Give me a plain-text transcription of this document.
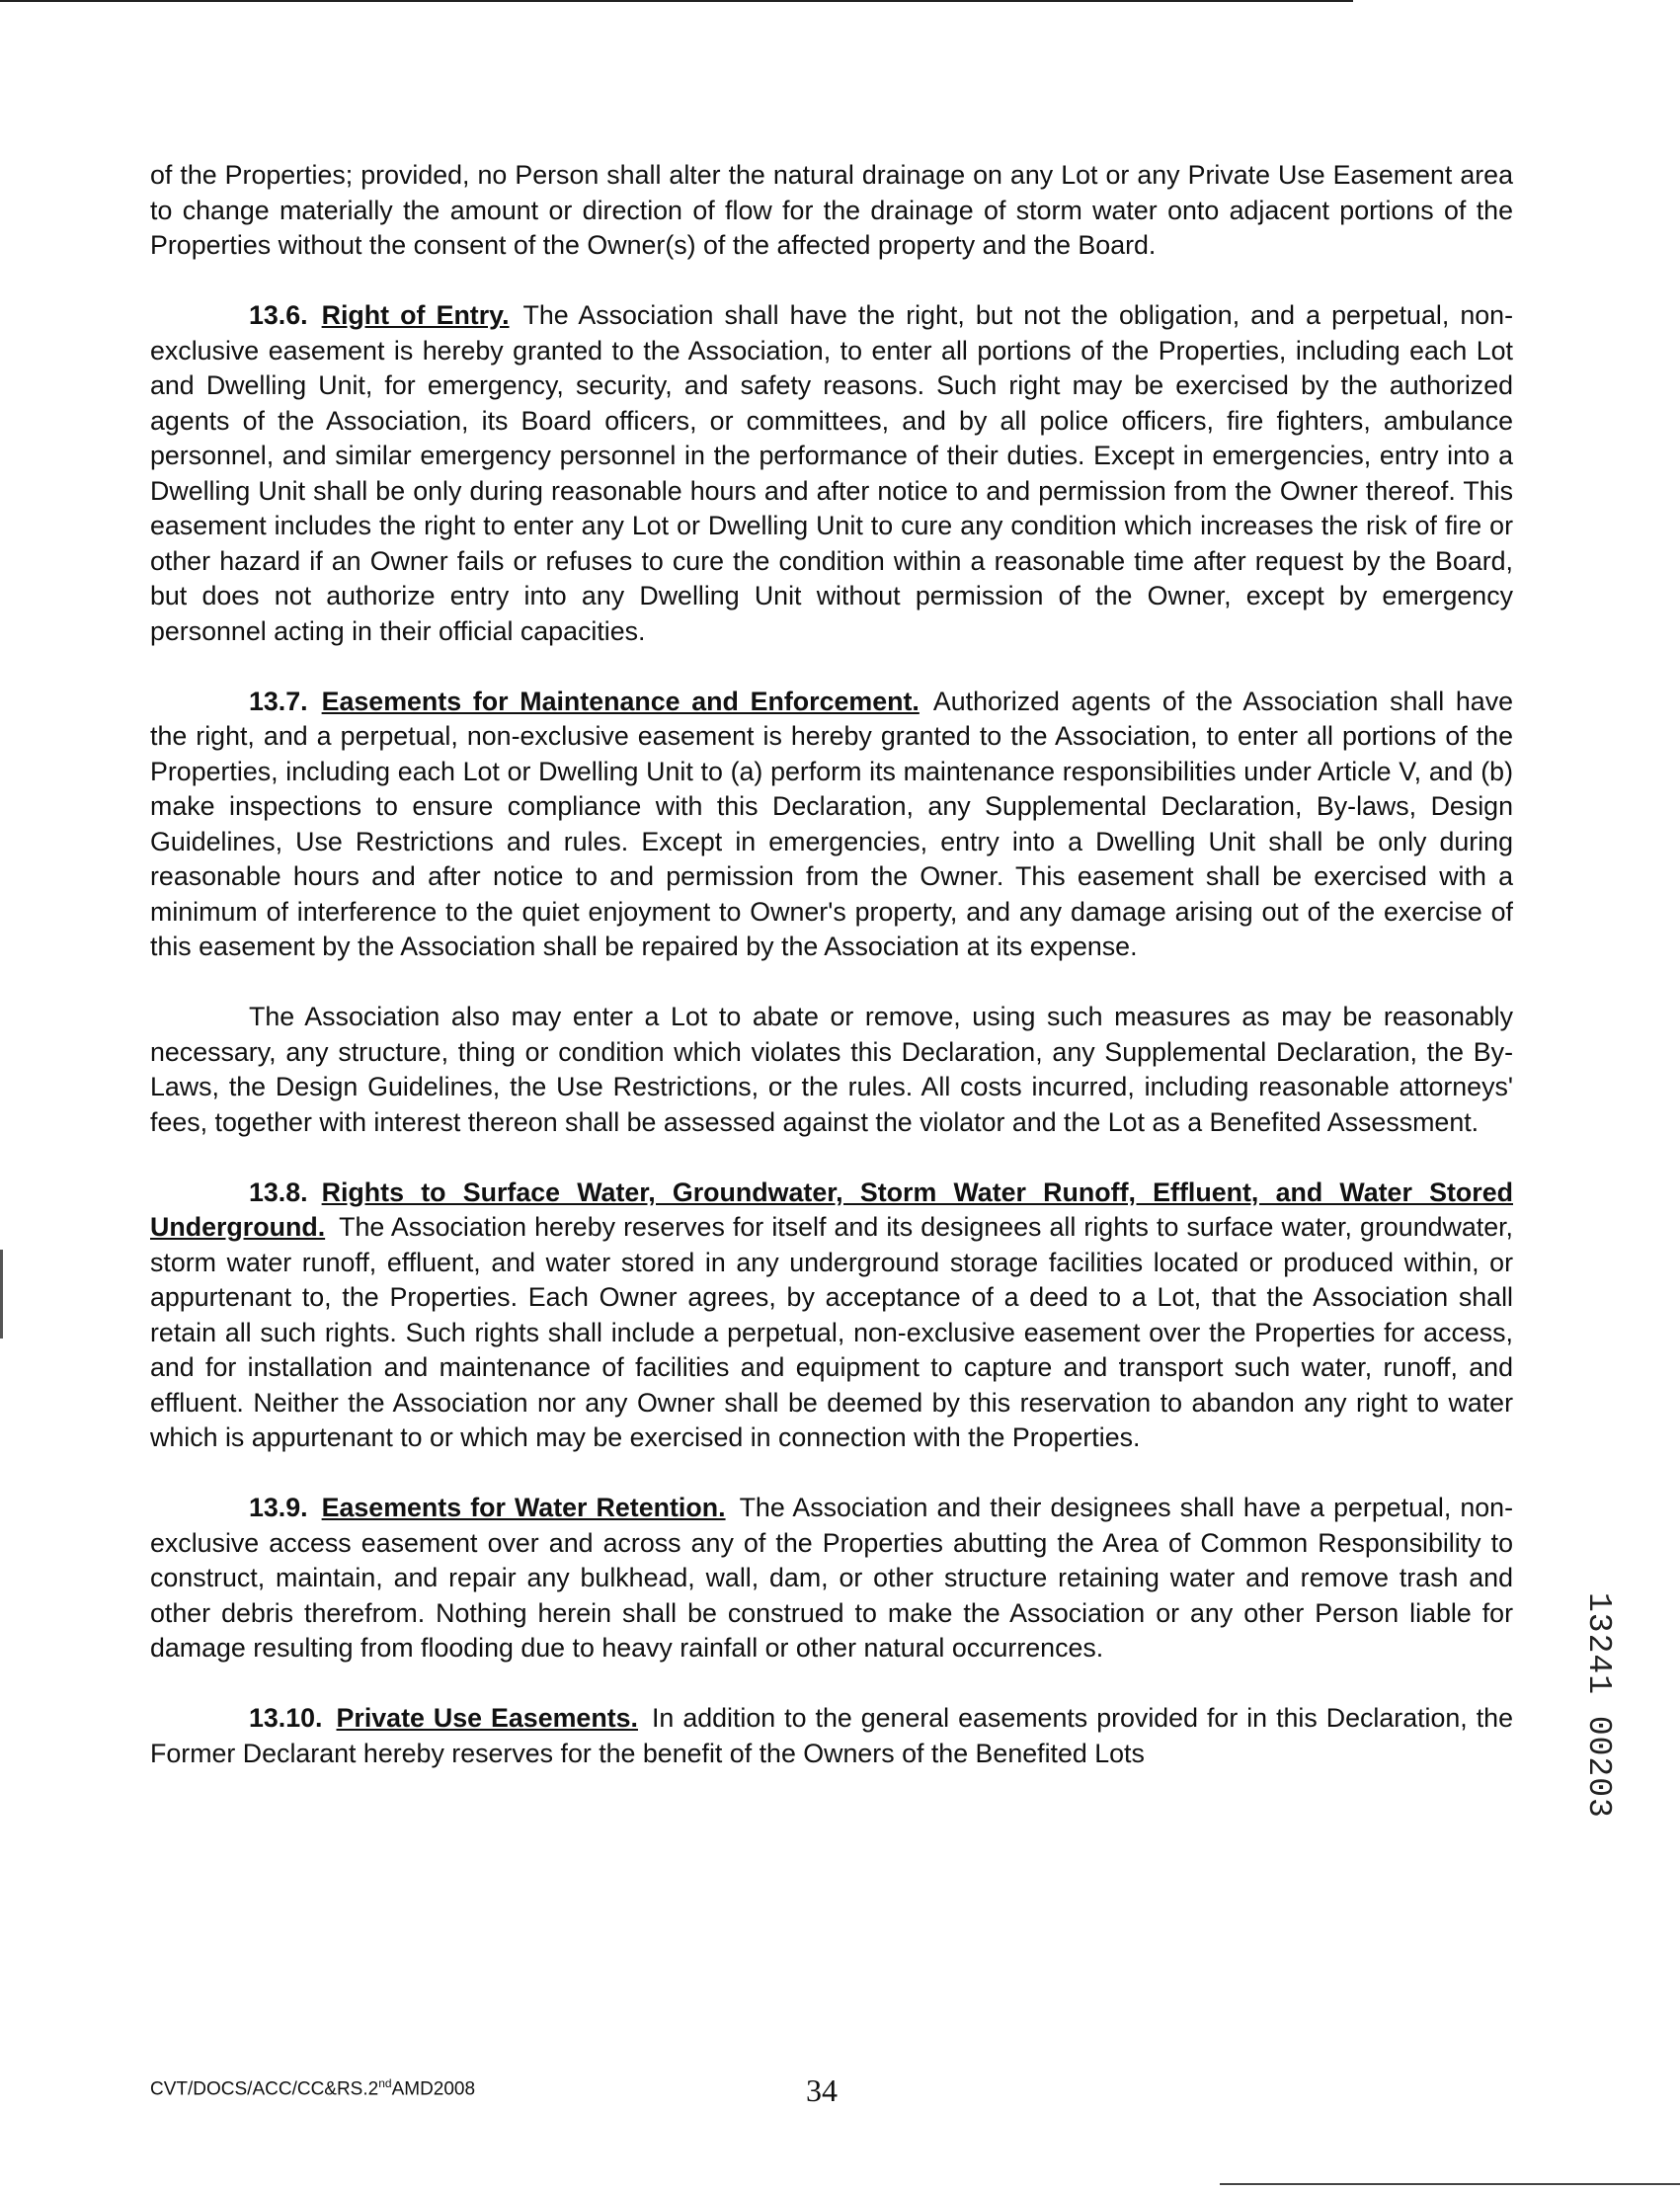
of the Properties; provided, no Person shall alter the natural drainage on any Lot or any Private Use Easement area to change materially the amount or direction of flow for the drainage of storm water onto adjacent portions of the Properties without the consent of the Owner(s) of the affected property and the Board.

13.6. Right of Entry. The Association shall have the right, but not the obligation, and a perpetual, non-exclusive easement is hereby granted to the Association, to enter all portions of the Properties, including each Lot and Dwelling Unit, for emergency, security, and safety reasons. Such right may be exercised by the authorized agents of the Association, its Board officers, or committees, and by all police officers, fire fighters, ambulance personnel, and similar emergency personnel in the performance of their duties. Except in emergencies, entry into a Dwelling Unit shall be only during reasonable hours and after notice to and permission from the Owner thereof. This easement includes the right to enter any Lot or Dwelling Unit to cure any condition which increases the risk of fire or other hazard if an Owner fails or refuses to cure the condition within a reasonable time after request by the Board, but does not authorize entry into any Dwelling Unit without permission of the Owner, except by emergency personnel acting in their official capacities.

13.7. Easements for Maintenance and Enforcement. Authorized agents of the Association shall have the right, and a perpetual, non-exclusive easement is hereby granted to the Association, to enter all portions of the Properties, including each Lot or Dwelling Unit to (a) perform its maintenance responsibilities under Article V, and (b) make inspections to ensure compliance with this Declaration, any Supplemental Declaration, By-laws, Design Guidelines, Use Restrictions and rules. Except in emergencies, entry into a Dwelling Unit shall be only during reasonable hours and after notice to and permission from the Owner. This easement shall be exercised with a minimum of interference to the quiet enjoyment to Owner's property, and any damage arising out of the exercise of this easement by the Association shall be repaired by the Association at its expense.

The Association also may enter a Lot to abate or remove, using such measures as may be reasonably necessary, any structure, thing or condition which violates this Declaration, any Supplemental Declaration, the By-Laws, the Design Guidelines, the Use Restrictions, or the rules. All costs incurred, including reasonable attorneys' fees, together with interest thereon shall be assessed against the violator and the Lot as a Benefited Assessment.

13.8. Rights to Surface Water, Groundwater, Storm Water Runoff, Effluent, and Water Stored Underground. The Association hereby reserves for itself and its designees all rights to surface water, groundwater, storm water runoff, effluent, and water stored in any underground storage facilities located or produced within, or appurtenant to, the Properties. Each Owner agrees, by acceptance of a deed to a Lot, that the Association shall retain all such rights. Such rights shall include a perpetual, non-exclusive easement over the Properties for access, and for installation and maintenance of facilities and equipment to capture and transport such water, runoff, and effluent. Neither the Association nor any Owner shall be deemed by this reservation to abandon any right to water which is appurtenant to or which may be exercised in connection with the Properties.

13.9. Easements for Water Retention. The Association and their designees shall have a perpetual, non-exclusive access easement over and across any of the Properties abutting the Area of Common Responsibility to construct, maintain, and repair any bulkhead, wall, dam, or other structure retaining water and remove trash and other debris therefrom. Nothing herein shall be construed to make the Association or any other Person liable for damage resulting from flooding due to heavy rainfall or other natural occurrences.

13.10. Private Use Easements. In addition to the general easements provided for in this Declaration, the Former Declarant hereby reserves for the benefit of the Owners of the Benefited Lots

CVT/DOCS/ACC/CC&RS.2ndAMD2008	34
13241 00203
